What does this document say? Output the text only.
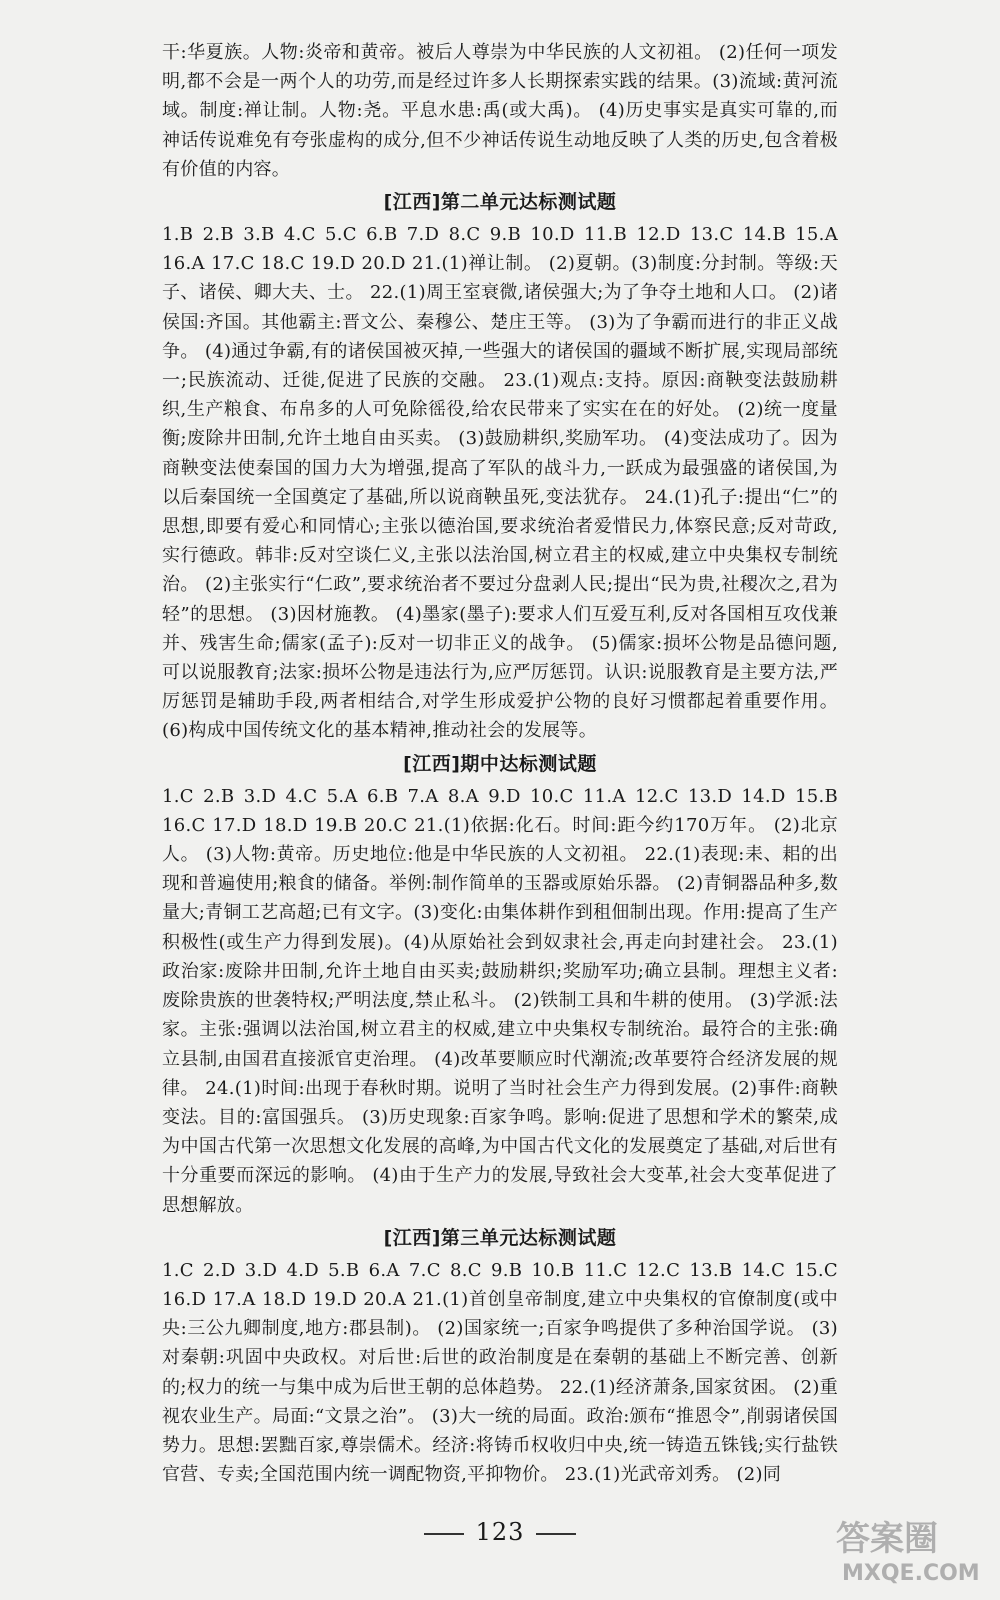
干:华夏族。人物:炎帝和黄帝。被后人尊崇为中华民族的人文初祖。 (2)任何一项发明,都不会是一两个人的功劳,而是经过许多人长期探索实践的结果。(3)流域:黄河流域。制度:禅让制。人物:尧。平息水患:禹(或大禹)。 (4)历史事实是真实可靠的,而神话传说难免有夸张虚构的成分,但不少神话传说生动地反映了人类的历史,包含着极有价值的内容。

[江西]第二单元达标测试题

1.B 2.B 3.B 4.C 5.C 6.B 7.D 8.C 9.B 10.D 11.B 12.D 13.C 14.B 15.A 16.A 17.C 18.C 19.D 20.D 21.(1)禅让制。 (2)夏朝。(3)制度:分封制。等级:天子、诸侯、卿大夫、士。 22.(1)周王室衰微,诸侯强大;为了争夺土地和人口。 (2)诸侯国:齐国。其他霸主:晋文公、秦穆公、楚庄王等。 (3)为了争霸而进行的非正义战争。 (4)通过争霸,有的诸侯国被灭掉,一些强大的诸侯国的疆域不断扩展,实现局部统一;民族流动、迁徙,促进了民族的交融。 23.(1)观点:支持。原因:商鞅变法鼓励耕织,生产粮食、布帛多的人可免除徭役,给农民带来了实实在在的好处。 (2)统一度量衡;废除井田制,允许土地自由买卖。 (3)鼓励耕织,奖励军功。 (4)变法成功了。因为商鞅变法使秦国的国力大为增强,提高了军队的战斗力,一跃成为最强盛的诸侯国,为以后秦国统一全国奠定了基础,所以说商鞅虽死,变法犹存。 24.(1)孔子:提出“仁”的思想,即要有爱心和同情心;主张以德治国,要求统治者爱惜民力,体察民意;反对苛政,实行德政。韩非:反对空谈仁义,主张以法治国,树立君主的权威,建立中央集权专制统治。 (2)主张实行“仁政”,要求统治者不要过分盘剥人民;提出“民为贵,社稷次之,君为轻”的思想。 (3)因材施教。 (4)墨家(墨子):要求人们互爱互利,反对各国相互攻伐兼并、残害生命;儒家(孟子):反对一切非正义的战争。 (5)儒家:损坏公物是品德问题,可以说服教育;法家:损坏公物是违法行为,应严厉惩罚。认识:说服教育是主要方法,严厉惩罚是辅助手段,两者相结合,对学生形成爱护公物的良好习惯都起着重要作用。 (6)构成中国传统文化的基本精神,推动社会的发展等。

[江西]期中达标测试题

1.C 2.B 3.D 4.C 5.A 6.B 7.A 8.A 9.D 10.C 11.A 12.C 13.D 14.D 15.B 16.C 17.D 18.D 19.B 20.C 21.(1)依据:化石。时间:距今约170万年。 (2)北京人。 (3)人物:黄帝。历史地位:他是中华民族的人文初祖。 22.(1)表现:耒、耜的出现和普遍使用;粮食的储备。举例:制作简单的玉器或原始乐器。 (2)青铜器品种多,数量大;青铜工艺高超;已有文字。(3)变化:由集体耕作到租佃制出现。作用:提高了生产积极性(或生产力得到发展)。(4)从原始社会到奴隶社会,再走向封建社会。 23.(1)政治家:废除井田制,允许土地自由买卖;鼓励耕织;奖励军功;确立县制。理想主义者:废除贵族的世袭特权;严明法度,禁止私斗。 (2)铁制工具和牛耕的使用。 (3)学派:法家。主张:强调以法治国,树立君主的权威,建立中央集权专制统治。最符合的主张:确立县制,由国君直接派官吏治理。 (4)改革要顺应时代潮流;改革要符合经济发展的规律。 24.(1)时间:出现于春秋时期。说明了当时社会生产力得到发展。(2)事件:商鞅变法。目的:富国强兵。 (3)历史现象:百家争鸣。影响:促进了思想和学术的繁荣,成为中国古代第一次思想文化发展的高峰,为中国古代文化的发展奠定了基础,对后世有十分重要而深远的影响。 (4)由于生产力的发展,导致社会大变革,社会大变革促进了思想解放。

[江西]第三单元达标测试题

1.C 2.D 3.D 4.D 5.B 6.A 7.C 8.C 9.B 10.B 11.C 12.C 13.B 14.C 15.C 16.D 17.A 18.D 19.D 20.A 21.(1)首创皇帝制度,建立中央集权的官僚制度(或中央:三公九卿制度,地方:郡县制)。 (2)国家统一;百家争鸣提供了多种治国学说。 (3)对秦朝:巩固中央政权。对后世:后世的政治制度是在秦朝的基础上不断完善、创新的;权力的统一与集中成为后世王朝的总体趋势。 22.(1)经济萧条,国家贫困。 (2)重视农业生产。局面:“文景之治”。 (3)大一统的局面。政治:颁布“推恩令”,削弱诸侯国势力。思想:罢黜百家,尊崇儒术。经济:将铸币权收归中央,统一铸造五铢钱;实行盐铁官营、专卖;全国范围内统一调配物资,平抑物价。 23.(1)光武帝刘秀。 (2)同

123	答案圈
MXQE.COM
